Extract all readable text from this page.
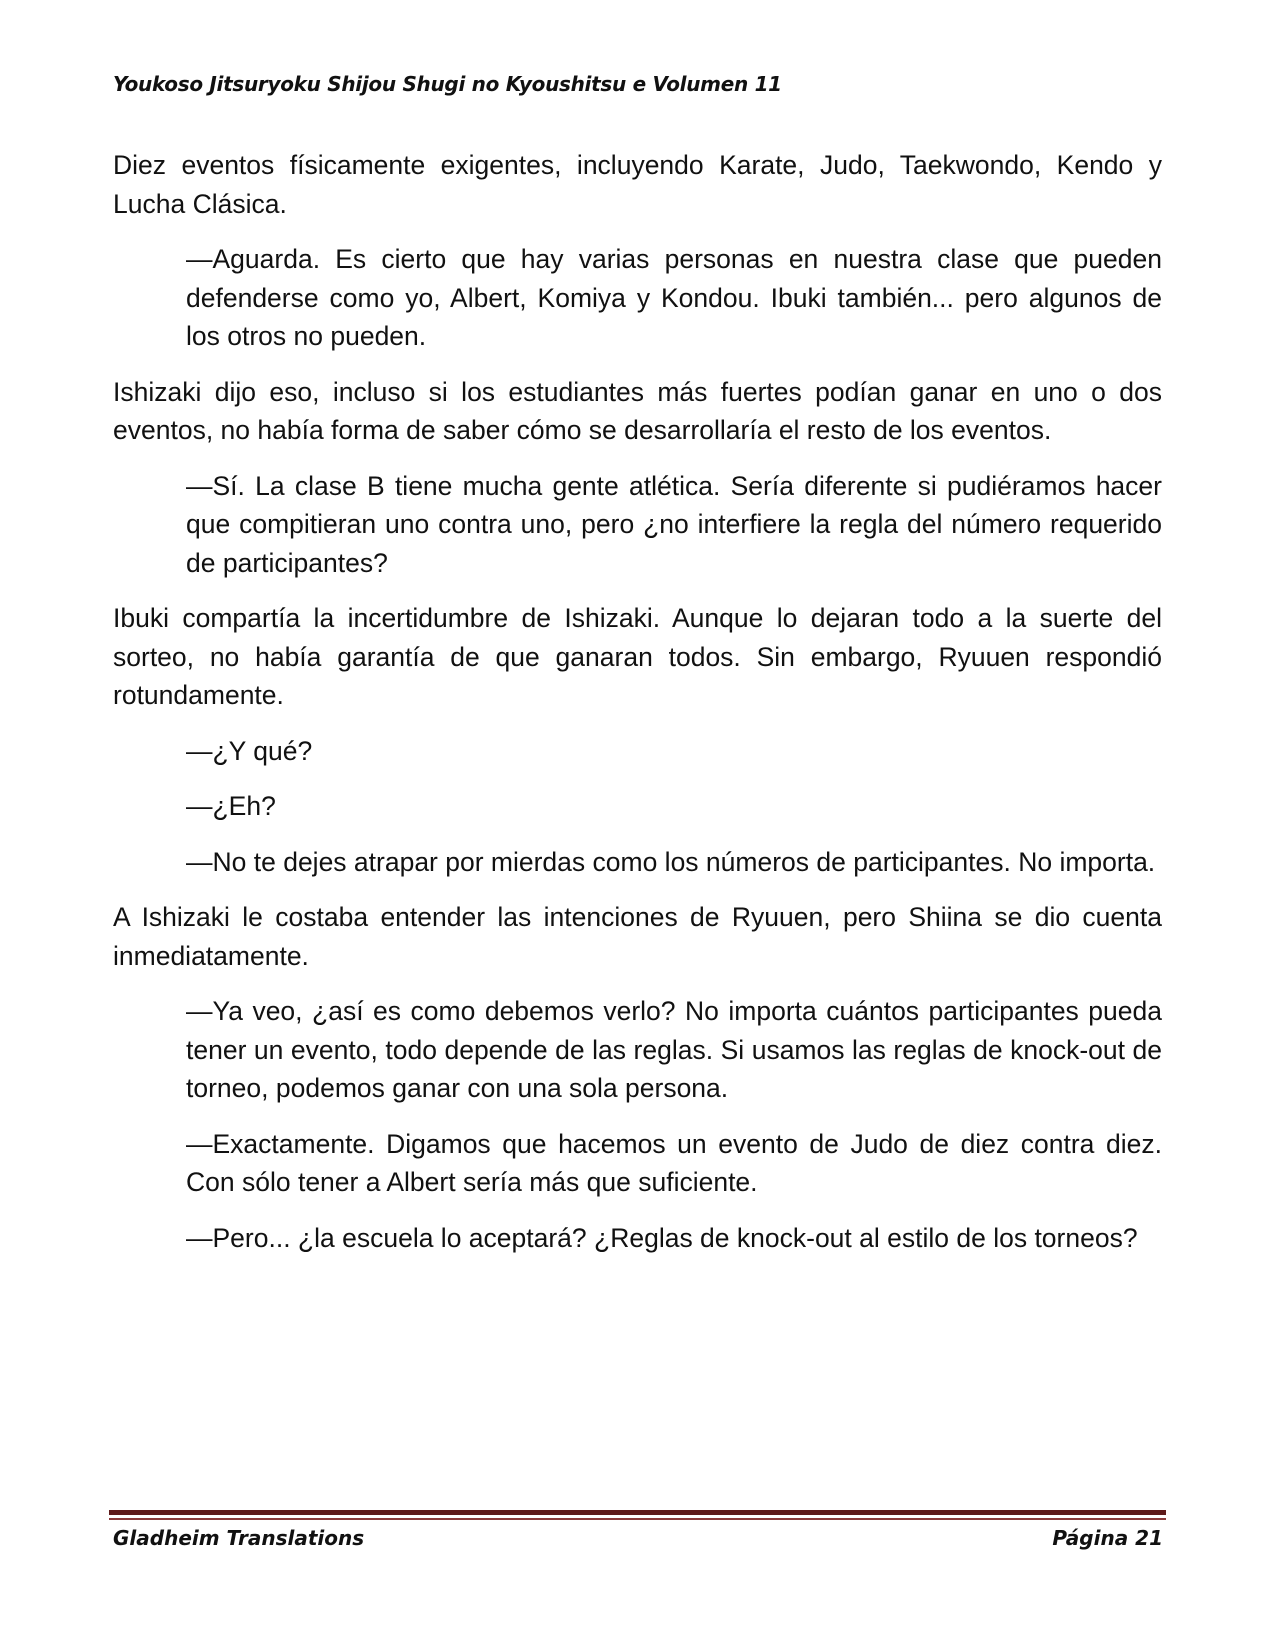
Youkoso Jitsuryoku Shijou Shugi no Kyoushitsu e Volumen 11

Diez eventos físicamente exigentes, incluyendo Karate, Judo, Taekwondo, Kendo y Lucha Clásica.

—Aguarda. Es cierto que hay varias personas en nuestra clase que pueden defenderse como yo, Albert, Komiya y Kondou. Ibuki también... pero algunos de los otros no pueden.

Ishizaki dijo eso, incluso si los estudiantes más fuertes podían ganar en uno o dos eventos, no había forma de saber cómo se desarrollaría el resto de los eventos.

—Sí. La clase B tiene mucha gente atlética. Sería diferente si pudiéramos hacer que compitieran uno contra uno, pero ¿no interfiere la regla del número requerido de participantes?

Ibuki compartía la incertidumbre de Ishizaki. Aunque lo dejaran todo a la suerte del sorteo, no había garantía de que ganaran todos. Sin embargo, Ryuuen respondió rotundamente.

—¿Y qué?

—¿Eh?

—No te dejes atrapar por mierdas como los números de participantes. No importa.

A Ishizaki le costaba entender las intenciones de Ryuuen, pero Shiina se dio cuenta inmediatamente.

—Ya veo, ¿así es como debemos verlo? No importa cuántos participantes pueda tener un evento, todo depende de las reglas. Si usamos las reglas de knock-out de torneo, podemos ganar con una sola persona.

—Exactamente. Digamos que hacemos un evento de Judo de diez contra diez. Con sólo tener a Albert sería más que suficiente.

—Pero... ¿la escuela lo aceptará? ¿Reglas de knock-out al estilo de los torneos?

Gladheim Translations	Página 21
